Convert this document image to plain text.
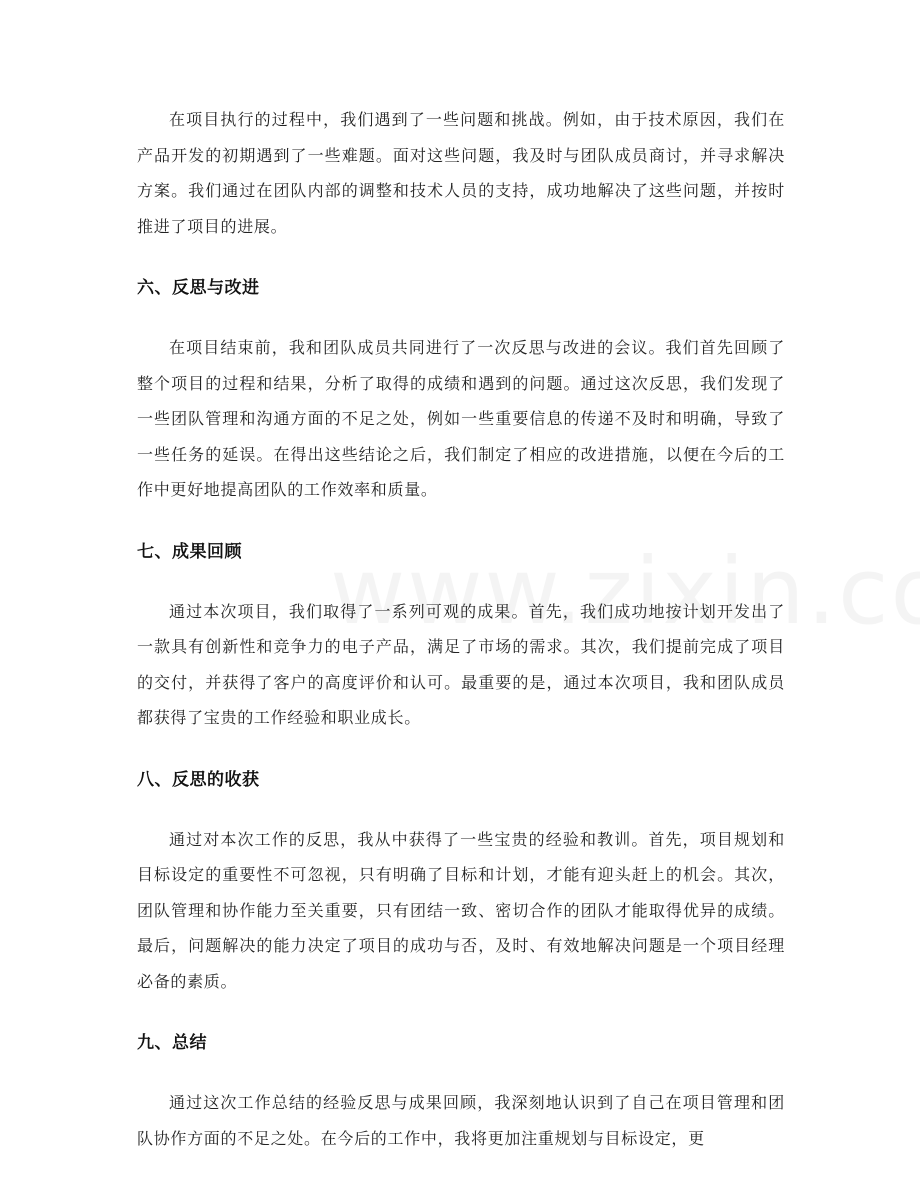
在项目执行的过程中，我们遇到了一些问题和挑战。例如，由于技术原因，我们在产品开发的初期遇到了一些难题。面对这些问题，我及时与团队成员商讨，并寻求解决方案。我们通过在团队内部的调整和技术人员的支持，成功地解决了这些问题，并按时推进了项目的进展。

六、反思与改进

在项目结束前，我和团队成员共同进行了一次反思与改进的会议。我们首先回顾了整个项目的过程和结果，分析了取得的成绩和遇到的问题。通过这次反思，我们发现了一些团队管理和沟通方面的不足之处，例如一些重要信息的传递不及时和明确，导致了一些任务的延误。在得出这些结论之后，我们制定了相应的改进措施，以便在今后的工作中更好地提高团队的工作效率和质量。

七、成果回顾

通过本次项目，我们取得了一系列可观的成果。首先，我们成功地按计划开发出了一款具有创新性和竞争力的电子产品，满足了市场的需求。其次，我们提前完成了项目的交付，并获得了客户的高度评价和认可。最重要的是，通过本次项目，我和团队成员都获得了宝贵的工作经验和职业成长。

八、反思的收获

通过对本次工作的反思，我从中获得了一些宝贵的经验和教训。首先，项目规划和目标设定的重要性不可忽视，只有明确了目标和计划，才能有迎头赶上的机会。其次，团队管理和协作能力至关重要，只有团结一致、密切合作的团队才能取得优异的成绩。最后，问题解决的能力决定了项目的成功与否，及时、有效地解决问题是一个项目经理必备的素质。

九、总结

通过这次工作总结的经验反思与成果回顾，我深刻地认识到了自己在项目管理和团队协作方面的不足之处。在今后的工作中，我将更加注重规划与目标设定，更
